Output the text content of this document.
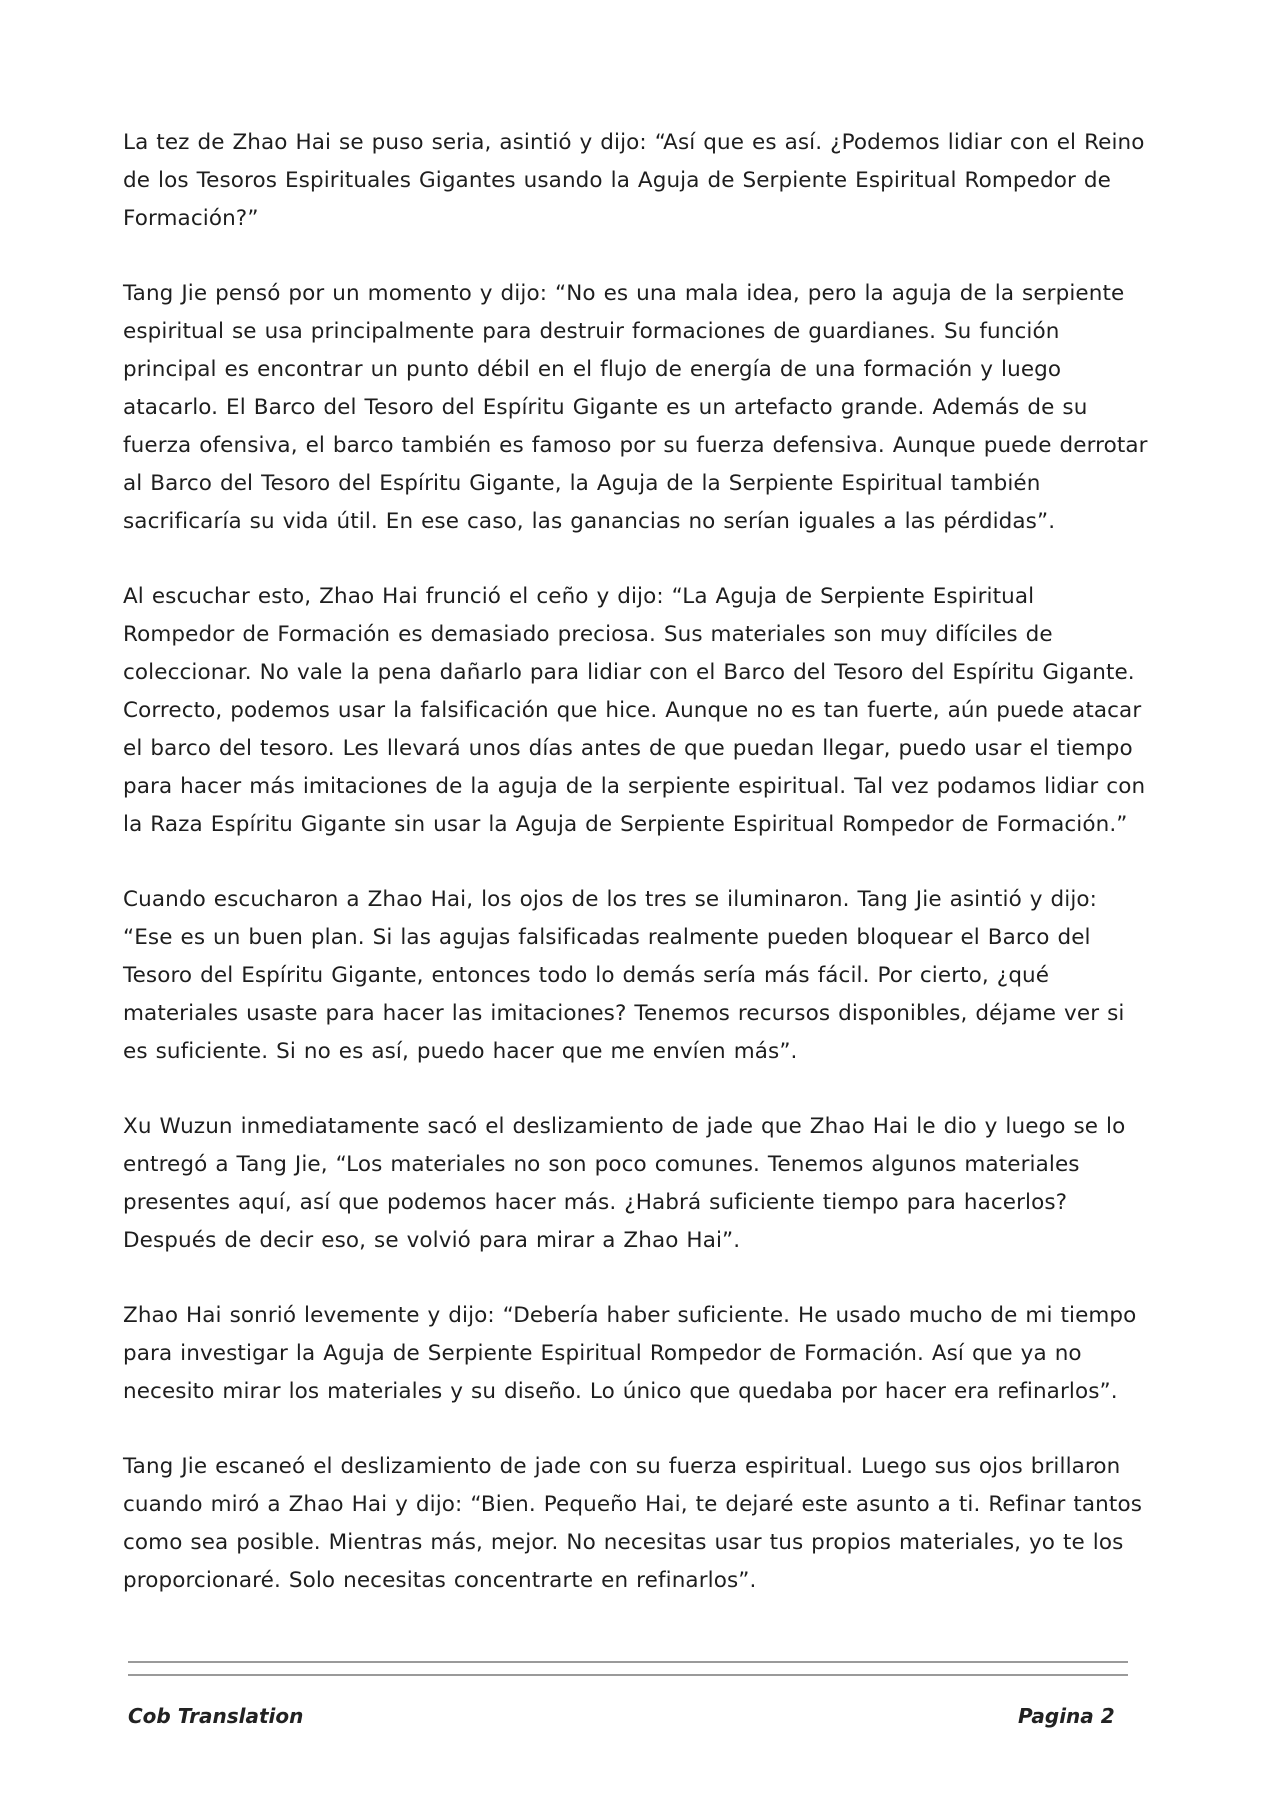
La tez de Zhao Hai se puso seria, asintió y dijo: “Así que es así. ¿Podemos lidiar con el Reino de los Tesoros Espirituales Gigantes usando la Aguja de Serpiente Espiritual Rompedor de Formación?”

Tang Jie pensó por un momento y dijo: “No es una mala idea, pero la aguja de la serpiente espiritual se usa principalmente para destruir formaciones de guardianes. Su función principal es encontrar un punto débil en el flujo de energía de una formación y luego atacarlo. El Barco del Tesoro del Espíritu Gigante es un artefacto grande. Además de su fuerza ofensiva, el barco también es famoso por su fuerza defensiva. Aunque puede derrotar al Barco del Tesoro del Espíritu Gigante, la Aguja de la Serpiente Espiritual también sacrificaría su vida útil. En ese caso, las ganancias no serían iguales a las pérdidas”.

Al escuchar esto, Zhao Hai frunció el ceño y dijo: “La Aguja de Serpiente Espiritual Rompedor de Formación es demasiado preciosa. Sus materiales son muy difíciles de coleccionar. No vale la pena dañarlo para lidiar con el Barco del Tesoro del Espíritu Gigante. Correcto, podemos usar la falsificación que hice. Aunque no es tan fuerte, aún puede atacar el barco del tesoro. Les llevará unos días antes de que puedan llegar, puedo usar el tiempo para hacer más imitaciones de la aguja de la serpiente espiritual. Tal vez podamos lidiar con la Raza Espíritu Gigante sin usar la Aguja de Serpiente Espiritual Rompedor de Formación.”

Cuando escucharon a Zhao Hai, los ojos de los tres se iluminaron. Tang Jie asintió y dijo: “Ese es un buen plan. Si las agujas falsificadas realmente pueden bloquear el Barco del Tesoro del Espíritu Gigante, entonces todo lo demás sería más fácil. Por cierto, ¿qué materiales usaste para hacer las imitaciones? Tenemos recursos disponibles, déjame ver si es suficiente. Si no es así, puedo hacer que me envíen más”.

Xu Wuzun inmediatamente sacó el deslizamiento de jade que Zhao Hai le dio y luego se lo entregó a Tang Jie, “Los materiales no son poco comunes. Tenemos algunos materiales presentes aquí, así que podemos hacer más. ¿Habrá suficiente tiempo para hacerlos? Después de decir eso, se volvió para mirar a Zhao Hai”.

Zhao Hai sonrió levemente y dijo: “Debería haber suficiente. He usado mucho de mi tiempo para investigar la Aguja de Serpiente Espiritual Rompedor de Formación. Así que ya no necesito mirar los materiales y su diseño. Lo único que quedaba por hacer era refinarlos”.

Tang Jie escaneó el deslizamiento de jade con su fuerza espiritual. Luego sus ojos brillaron cuando miró a Zhao Hai y dijo: “Bien. Pequeño Hai, te dejaré este asunto a ti. Refinar tantos como sea posible. Mientras más, mejor. No necesitas usar tus propios materiales, yo te los proporcionaré. Solo necesitas concentrarte en refinarlos”.

Cob Translation	Pagina 2
